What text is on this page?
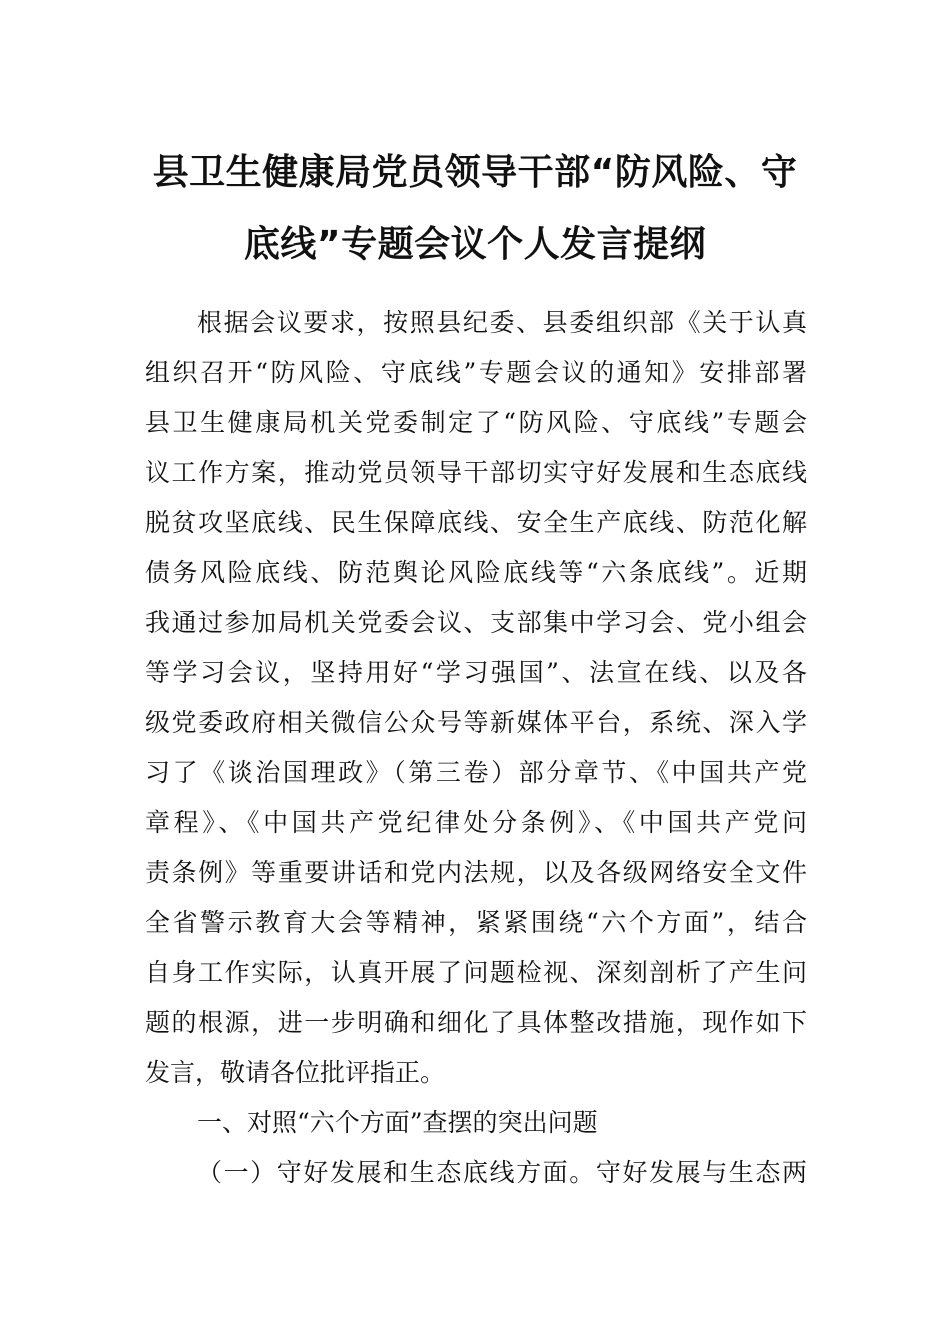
县卫生健康局党员领导干部“防风险、守
底线”专题会议个人发言提纲
根据会议要求，按照县纪委、县委组织部《关于认真
组织召开“防风险、守底线”专题会议的通知》安排部署
县卫生健康局机关党委制定了“防风险、守底线”专题会
议工作方案，推动党员领导干部切实守好发展和生态底线
脱贫攻坚底线、民生保障底线、安全生产底线、防范化解
债务风险底线、防范舆论风险底线等“六条底线”。近期
我通过参加局机关党委会议、支部集中学习会、党小组会
等学习会议，坚持用好“学习强国”、法宣在线、以及各
级党委政府相关微信公众号等新媒体平台，系统、深入学
习了《谈治国理政》（第三卷）部分章节、《中国共产党
章程》、《中国共产党纪律处分条例》、《中国共产党问
责条例》等重要讲话和党内法规，以及各级网络安全文件
全省警示教育大会等精神，紧紧围绕“六个方面”，结合
自身工作实际，认真开展了问题检视、深刻剖析了产生问
题的根源，进一步明确和细化了具体整改措施，现作如下
发言，敬请各位批评指正。
一、对照“六个方面”查摆的突出问题
（一）守好发展和生态底线方面。守好发展与生态两
